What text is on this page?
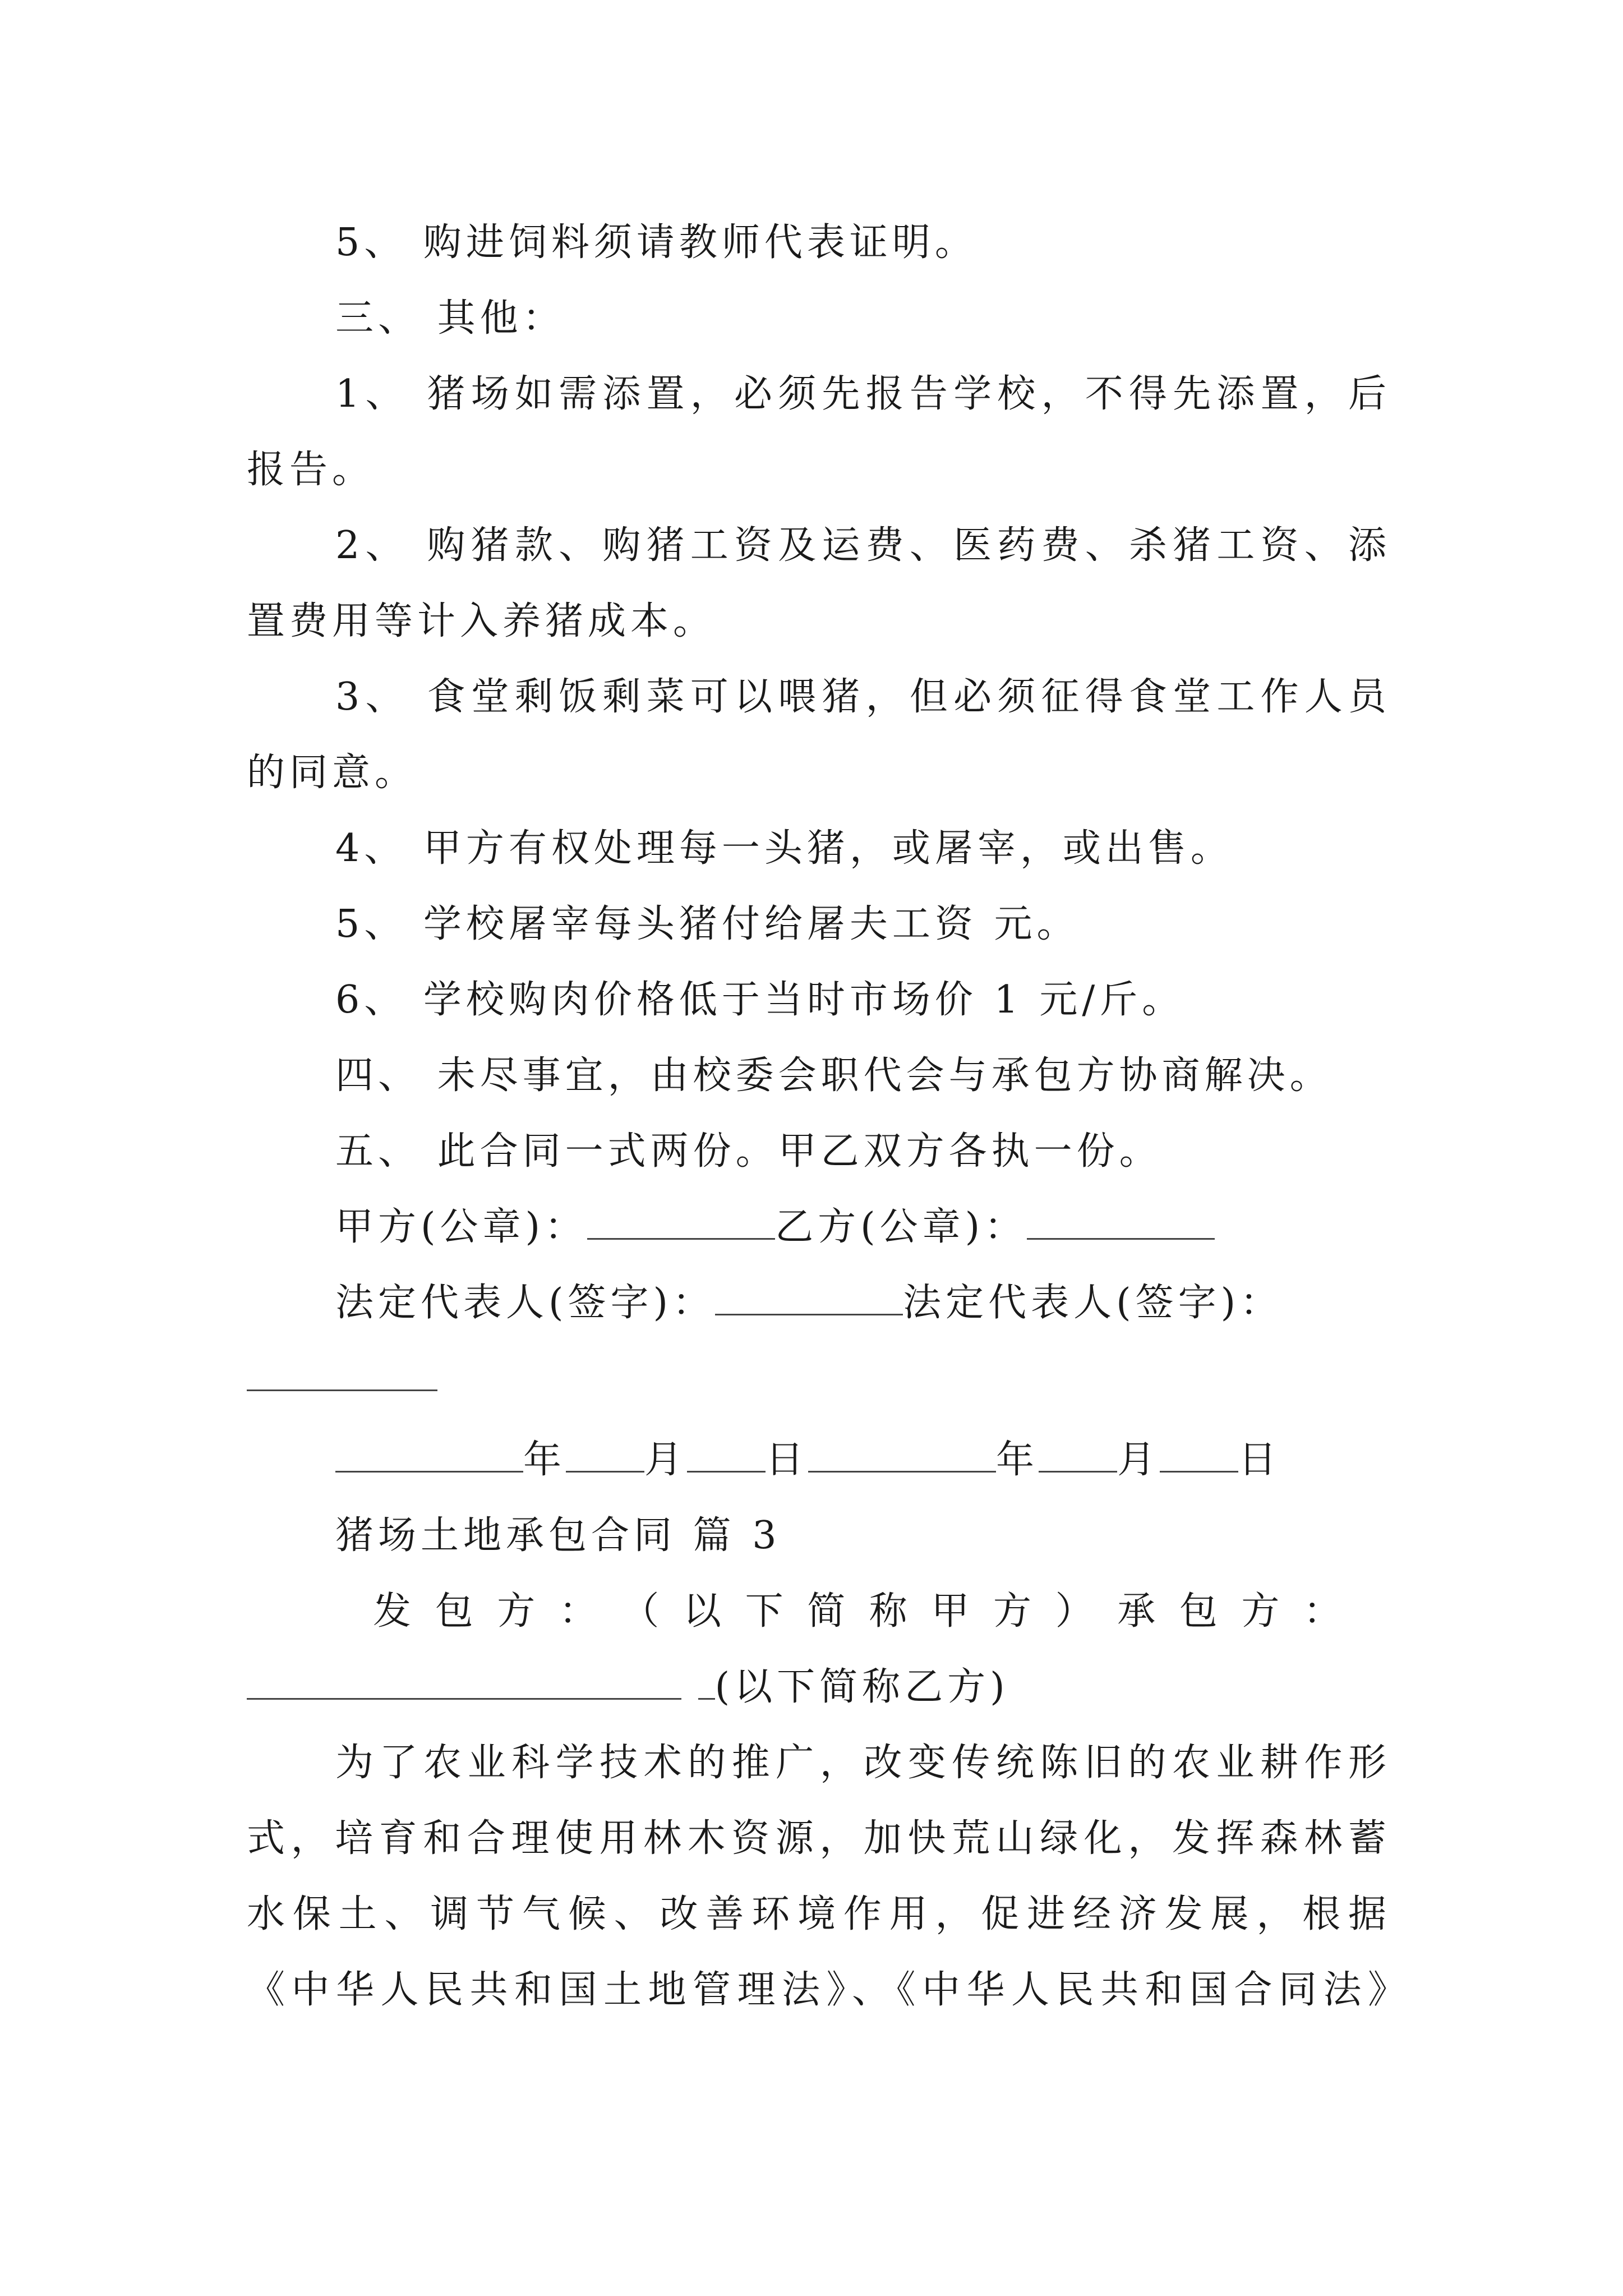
5、 购进饲料须请教师代表证明。
三、 其他：
1、 猪场如需添置，必须先报告学校，不得先添置，后
报告。
2、 购猪款、购猪工资及运费、医药费、杀猪工资、添
置费用等计入养猪成本。
3、 食堂剩饭剩菜可以喂猪，但必须征得食堂工作人员
的同意。
4、 甲方有权处理每一头猪，或屠宰，或出售。
5、 学校屠宰每头猪付给屠夫工资 元。
6、 学校购肉价格低于当时市场价 1 元/斤。
四、 未尽事宜，由校委会职代会与承包方协商解决。
五、 此合同一式两份。甲乙双方各执一份。
甲方(公章)：	乙方(公章)：
法定代表人(签字)：	法定代表人(签字)：
年 月 日	年 月 日
猪场土地承包合同 篇 3
发 包 方 ： （ 以 下 简 称 甲 方 ） 承 包 方 ：
(以下简称乙方)
为了农业科学技术的推广，改变传统陈旧的农业耕作形
式，培育和合理使用林木资源，加快荒山绿化，发挥森林蓄
水保土、调节气候、改善环境作用，促进经济发展，根据
《中华人民共和国土地管理法》、《中华人民共和国合同法》
